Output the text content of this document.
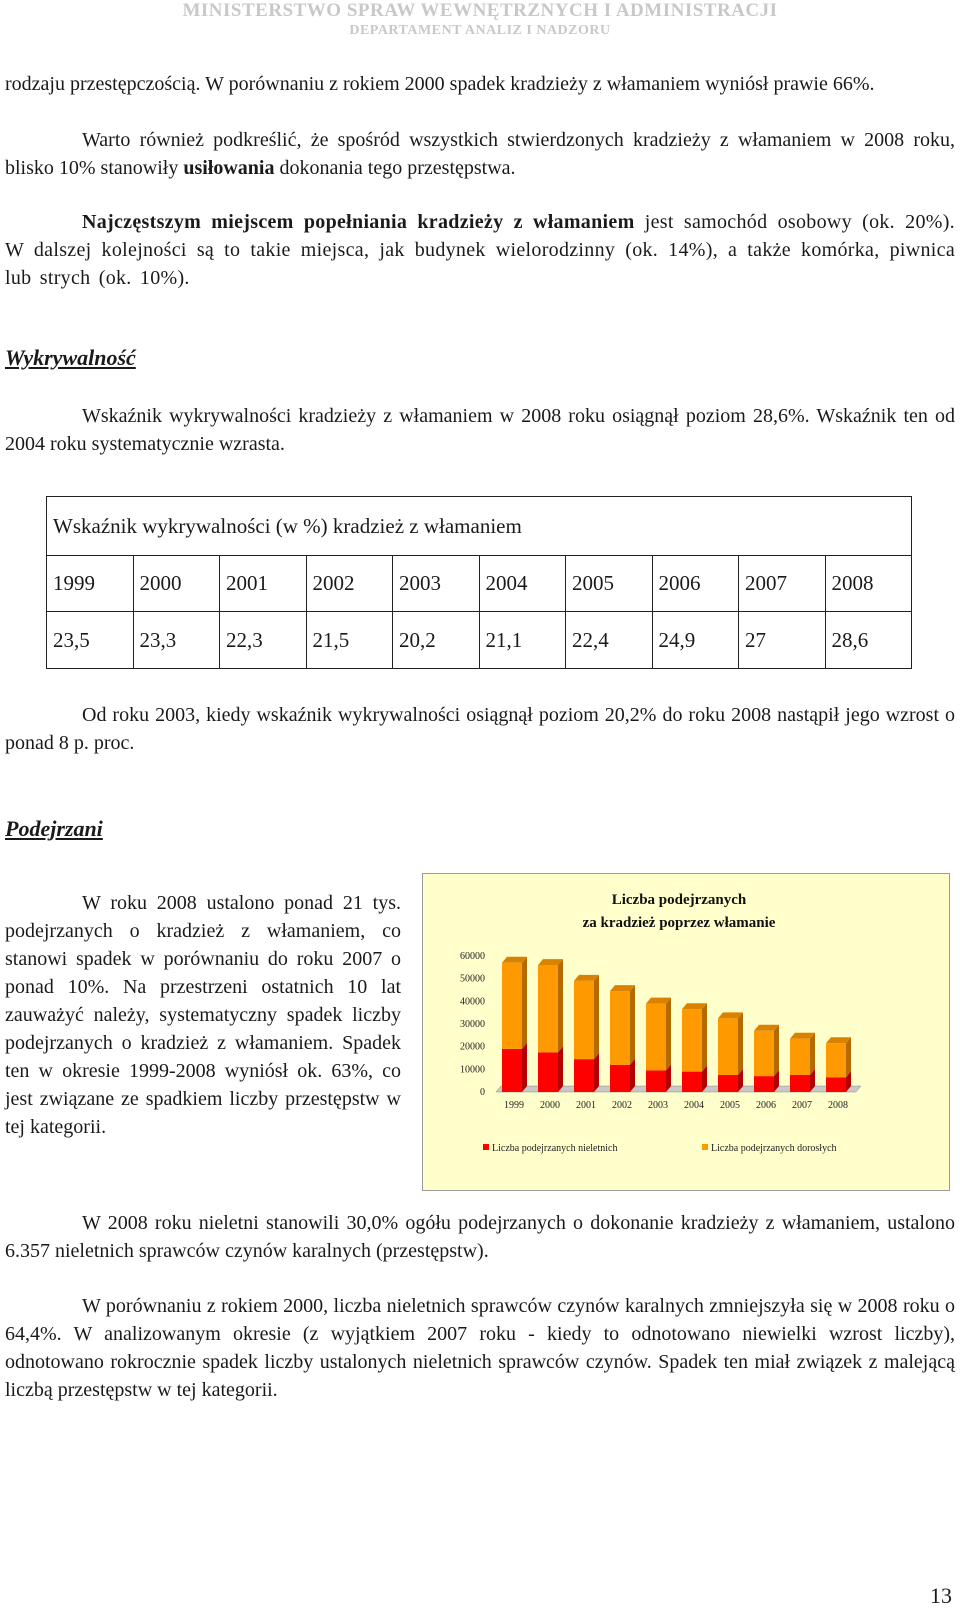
MINISTERSTWO SPRAW WEWNĘTRZNYCH I ADMINISTRACJI
DEPARTAMENT ANALIZ I NADZORU

rodzaju przestępczością. W porównaniu z rokiem 2000 spadek kradzieży z włamaniem wyniósł prawie 66%.

Warto również podkreślić, że spośród wszystkich stwierdzonych kradzieży z włamaniem w 2008 roku, blisko 10% stanowiły usiłowania dokonania tego przestępstwa.

Najczęstszym miejscem popełniania kradzieży z włamaniem jest samochód osobowy (ok. 20%). W dalszej kolejności są to takie miejsca, jak budynek wielorodzinny (ok. 14%), a także komórka, piwnica lub strych (ok. 10%).

Wykrywalność

Wskaźnik wykrywalności kradzieży z włamaniem w 2008 roku osiągnął poziom 28,6%. Wskaźnik ten od 2004 roku systematycznie wzrasta.

Wskaźnik wykrywalności (w %) kradzież z włamaniem									
1999	2000	2001	2002	2003	2004	2005	2006	2007	2008
23,5	23,3	22,3	21,5	20,2	21,1	22,4	24,9	27	28,6

Od roku 2003, kiedy wskaźnik wykrywalności osiągnął poziom 20,2% do roku 2008 nastąpił jego wzrost o ponad 8 p. proc.

Podejrzani

W roku 2008 ustalono ponad 21 tys. podejrzanych o kradzież z włamaniem, co stanowi spadek w porównaniu do roku 2007 o ponad 10%. Na przestrzeni ostatnich 10 lat zauważyć należy, systematyczny spadek liczby podejrzanych o kradzież z włamaniem. Spadek ten w okresie 1999-2008 wyniósł ok. 63%, co jest związane ze spadkiem liczby przestępstw w tej kategorii.

Liczba podejrzanych
za kradzież poprzez włamanie
0
10000
20000
30000
40000
50000
60000
1999 2000 2001 2002 2003 2004 2005 2006 2007 2008
Liczba podejrzanych nieletnich	Liczba podejrzanych dorosłych

W 2008 roku nieletni stanowili 30,0% ogółu podejrzanych o dokonanie kradzieży z włamaniem, ustalono 6.357 nieletnich sprawców czynów karalnych (przestępstw).

W porównaniu z rokiem 2000, liczba nieletnich sprawców czynów karalnych zmniejszyła się w 2008 roku o 64,4%. W analizowanym okresie (z wyjątkiem 2007 roku - kiedy to odnotowano niewielki wzrost liczby), odnotowano rokrocznie spadek liczby ustalonych nieletnich sprawców czynów. Spadek ten miał związek z malejącą liczbą przestępstw w tej kategorii.

13
